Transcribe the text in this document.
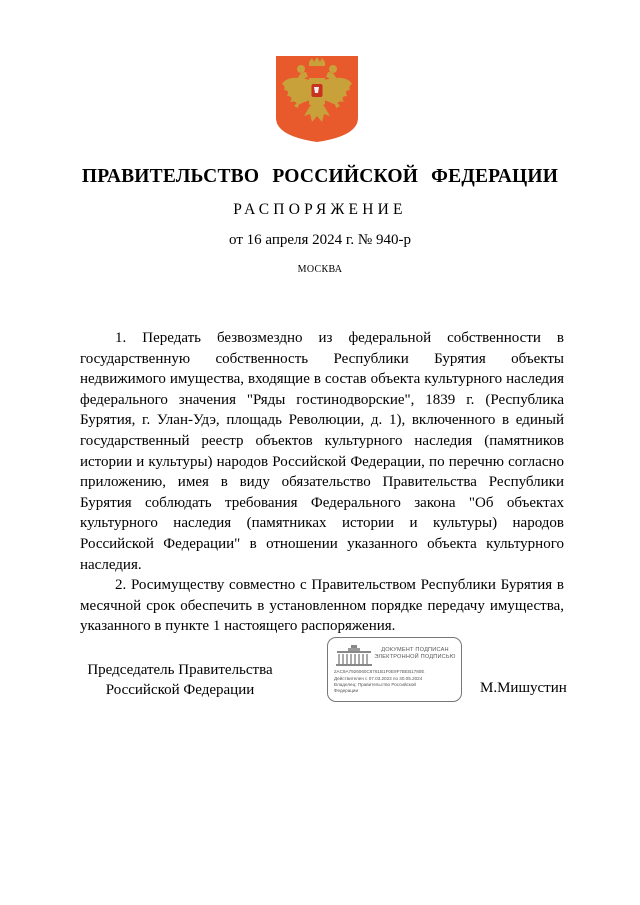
ПРАВИТЕЛЬСТВО РОССИЙСКОЙ ФЕДЕРАЦИИ
РАСПОРЯЖЕНИЕ
от 16 апреля 2024 г. № 940-р
МОСКВА

1. Передать безвозмездно из федеральной собственности в государственную собственность Республики Бурятия объекты недвижимого имущества, входящие в состав объекта культурного наследия федерального значения "Ряды гостинодворские", 1839 г. (Республика Бурятия, г. Улан-Удэ, площадь Революции, д. 1), включенного в единый государственный реестр объектов культурного наследия (памятников истории и культуры) народов Российской Федерации, по перечню согласно приложению, имея в виду обязательство Правительства Республики Бурятия соблюдать требования Федерального закона "Об объектах культурного наследия (памятниках истории и культуры) народов Российской Федерации" в отношении указанного объекта культурного наследия.

2. Росимуществу совместно с Правительством Республики Бурятия в месячной срок обеспечить в установленном порядке передачу имущества, указанного в пункте 1 настоящего распоряжения.

Председатель Правительства
Российской Федерации
ДОКУМЕНТ ПОДПИСАН
ЭЛЕКТРОННОЙ ПОДПИСЬЮ
2AC9A7926060C6761B1F0E9F7BEB1780E
Действителен с 07.03.2023 по 30.05.2024
Владелец: Правительство Российской
Федерации	М.Мишустин
